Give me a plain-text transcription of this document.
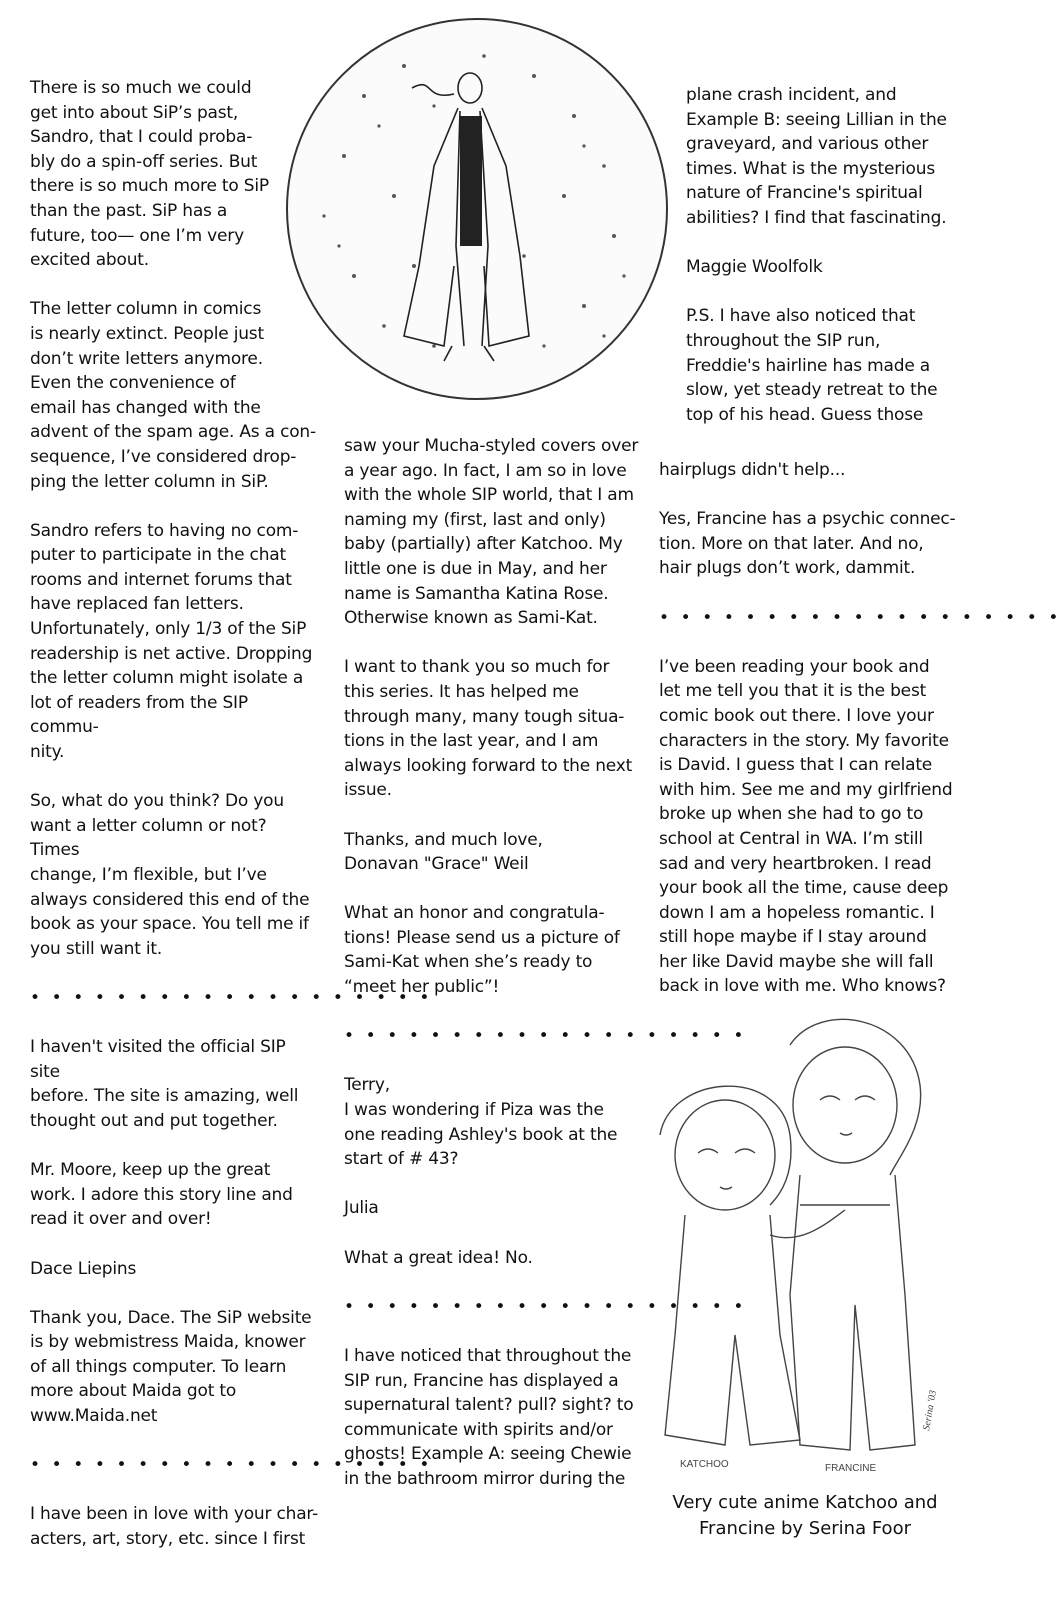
There is so much we could
get into about SiP’s past,
Sandro, that I could proba-
bly do a spin-off series. But
there is so much more to SiP
than the past. SiP has a
future, too— one I’m very
excited about.

The letter column in comics
is nearly extinct. People just
don’t write letters anymore.
Even the convenience of
email has changed with the
advent of the spam age. As a con-
sequence, I’ve considered drop-
ping the letter column in SiP.

Sandro refers to having no com-
puter to participate in the chat
rooms and internet forums that
have replaced fan letters.
Unfortunately, only 1/3 of the SiP
readership is net active. Dropping
the letter column might isolate a
lot of readers from the SIP commu-
nity.

So, what do you think? Do you
want a letter column or not? Times
change, I’m flexible, but I’ve
always considered this end of the
book as your space. You tell me if
you still want it.

• • • • • • • • • • • • • • • • • • •

I haven't visited the official SIP site
before. The site is amazing, well
thought out and put together.

Mr. Moore, keep up the great
work. I adore this story line and
read it over and over!

Dace Liepins

Thank you, Dace. The SiP website
is by webmistress Maida, knower
of all things computer. To learn
more about Maida got to
www.Maida.net

• • • • • • • • • • • • • • • • • • •

I have been in love with your char-
acters, art, story, etc. since I first

saw your Mucha-styled covers over
a year ago. In fact, I am so in love
with the whole SIP world, that I am
naming my (first, last and only)
baby (partially) after Katchoo. My
little one is due in May, and her
name is Samantha Katina Rose.
Otherwise known as Sami-Kat.

I want to thank you so much for
this series. It has helped me
through many, many tough situa-
tions in the last year, and I am
always looking forward to the next
issue.

Thanks, and much love,
Donavan "Grace" Weil

What an honor and congratula-
tions! Please send us a picture of
Sami-Kat when she’s ready to
“meet her public”!

• • • • • • • • • • • • • • • • • • •

Terry,
I was wondering if Piza was the
one reading Ashley's book at the
start of # 43?

Julia

What a great idea! No.

• • • • • • • • • • • • • • • • • • •

I have noticed that throughout the
SIP run, Francine has displayed a
supernatural talent? pull? sight? to
communicate with spirits and/or
ghosts! Example A: seeing Chewie
in the bathroom mirror during the

plane crash incident, and
Example B: seeing Lillian in the
graveyard, and various other
times. What is the mysterious
nature of Francine's spiritual
abilities? I find that fascinating.

Maggie Woolfolk

P.S. I have also noticed that
throughout the SIP run,
Freddie's hairline has made a
slow, yet steady retreat to the
top of his head. Guess those

hairplugs didn't help...

Yes, Francine has a psychic connec-
tion. More on that later. And no,
hair plugs don’t work, dammit.

• • • • • • • • • • • • • • • • • • •

I’ve been reading your book and
let me tell you that it is the best
comic book out there. I love your
characters in the story. My favorite
is David. I guess that I can relate
with him. See me and my girlfriend
broke up when she had to go to
school at Central in WA. I’m still
sad and very heartbroken. I read
your book all the time, cause deep
down I am a hopeless romantic. I
still hope maybe if I stay around
her like David maybe she will fall
back in love with me. Who knows?

KATCHOO	FRANCINE
Serina '03
Very cute anime Katchoo and
Francine by Serina Foor
